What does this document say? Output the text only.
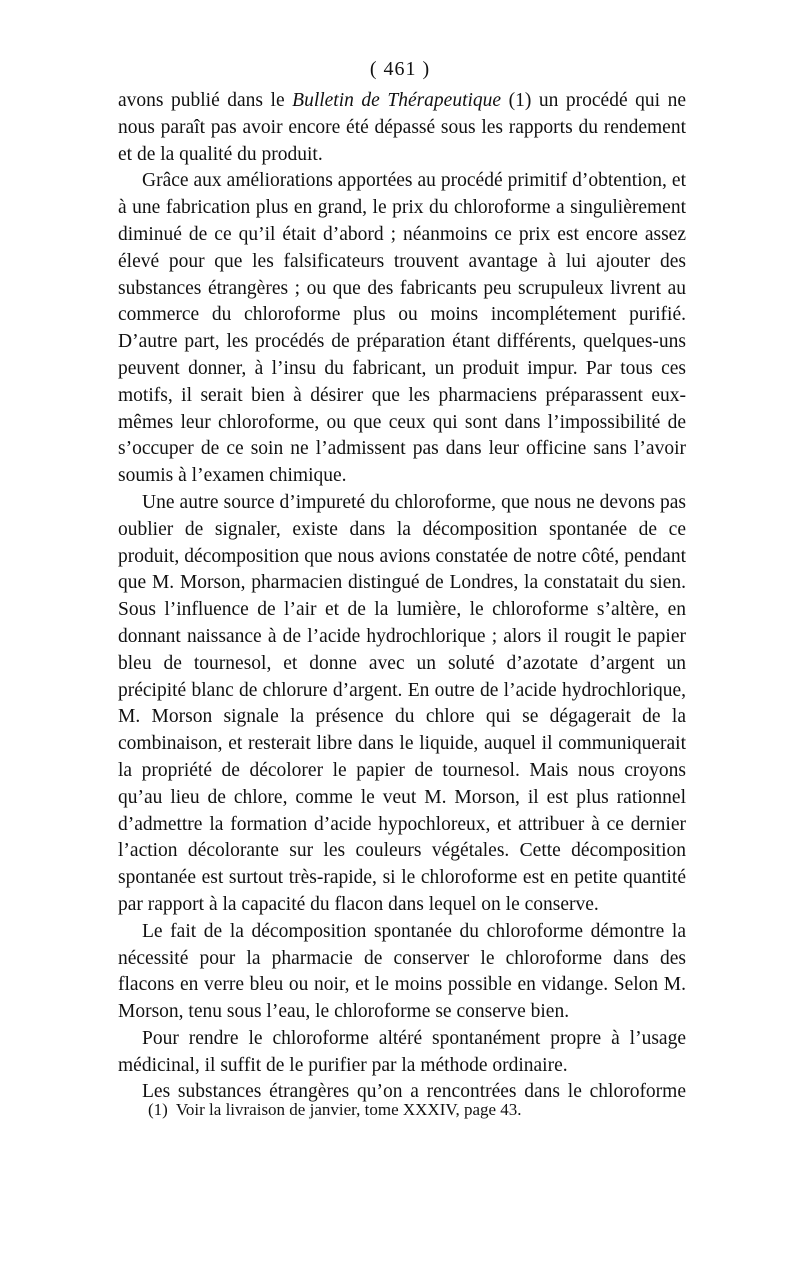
( 461 )

avons publié dans le Bulletin de Thérapeutique (1) un procédé qui ne nous paraît pas avoir encore été dépassé sous les rapports du rendement et de la qualité du produit.

Grâce aux améliorations apportées au procédé primitif d’obtention, et à une fabrication plus en grand, le prix du chloroforme a singulièrement diminué de ce qu’il était d’abord ; néanmoins ce prix est encore assez élevé pour que les falsificateurs trouvent avantage à lui ajouter des substances étrangères ; ou que des fabricants peu scrupuleux livrent au commerce du chloroforme plus ou moins incomplétement purifié. D’autre part, les procédés de préparation étant différents, quelques-uns peuvent donner, à l’insu du fabricant, un produit impur. Par tous ces motifs, il serait bien à désirer que les pharmaciens préparassent eux-mêmes leur chloroforme, ou que ceux qui sont dans l’impossibilité de s’occuper de ce soin ne l’admissent pas dans leur officine sans l’avoir soumis à l’examen chimique.

Une autre source d’impureté du chloroforme, que nous ne devons pas oublier de signaler, existe dans la décomposition spontanée de ce produit, décomposition que nous avions constatée de notre côté, pendant que M. Morson, pharmacien distingué de Londres, la constatait du sien. Sous l’influence de l’air et de la lumière, le chloroforme s’altère, en donnant naissance à de l’acide hydrochlorique ; alors il rougit le papier bleu de tournesol, et donne avec un soluté d’azotate d’argent un précipité blanc de chlorure d’argent. En outre de l’acide hydrochlorique, M. Morson signale la présence du chlore qui se dégagerait de la combinaison, et resterait libre dans le liquide, auquel il communiquerait la propriété de décolorer le papier de tournesol. Mais nous croyons qu’au lieu de chlore, comme le veut M. Morson, il est plus rationnel d’admettre la formation d’acide hypochloreux, et attribuer à ce dernier l’action décolorante sur les couleurs végétales. Cette décomposition spontanée est surtout très-rapide, si le chloroforme est en petite quantité par rapport à la capacité du flacon dans lequel on le conserve.

Le fait de la décomposition spontanée du chloroforme démontre la nécessité pour la pharmacie de conserver le chloroforme dans des flacons en verre bleu ou noir, et le moins possible en vidange. Selon M. Morson, tenu sous l’eau, le chloroforme se conserve bien.

Pour rendre le chloroforme altéré spontanément propre à l’usage médicinal, il suffit de le purifier par la méthode ordinaire.

Les substances étrangères qu’on a rencontrées dans le chloroforme

(1) Voir la livraison de janvier, tome XXXIV, page 43.
